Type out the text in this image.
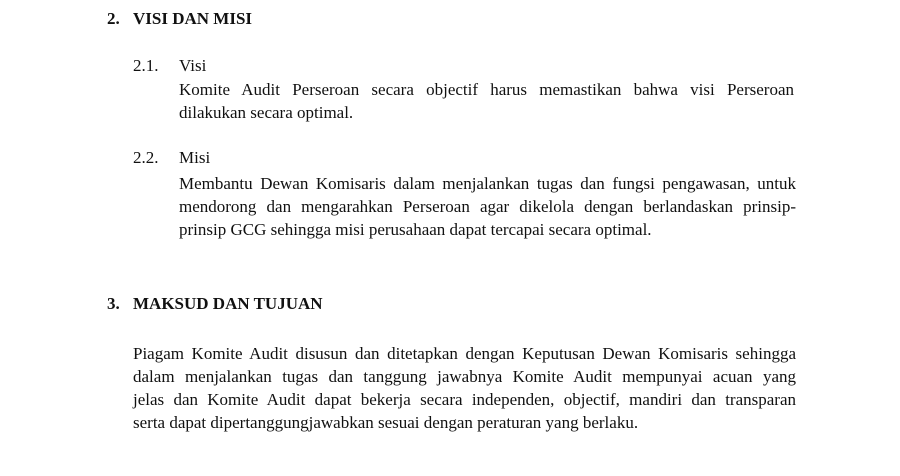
2. VISI DAN MISI
2.1. Visi
Komite Audit Perseroan secara objectif harus memastikan bahwa visi Perseroan
dilakukan secara optimal.
2.2. Misi
Membantu Dewan Komisaris dalam menjalankan tugas dan fungsi pengawasan, untuk
mendorong dan mengarahkan Perseroan agar dikelola dengan berlandaskan prinsip-
prinsip GCG sehingga misi perusahaan dapat tercapai secara optimal.
3. MAKSUD DAN TUJUAN
Piagam Komite Audit disusun dan ditetapkan dengan Keputusan Dewan Komisaris sehingga
dalam menjalankan tugas dan tanggung jawabnya Komite Audit mempunyai acuan yang
jelas dan Komite Audit dapat bekerja secara independen, objectif, mandiri dan transparan
serta dapat dipertanggungjawabkan sesuai dengan peraturan yang berlaku.
